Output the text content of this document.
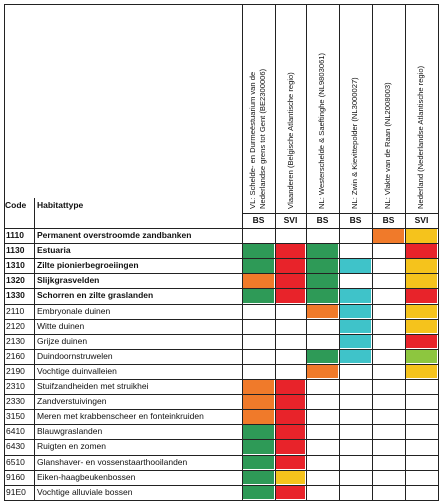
Code Habitattype	VL: Schelde- en Durmeëstuarium van de Nederlandse grens tot Gent (BE2300006)
BS
Vlaanderen (Belgische Atlantische regio)
SVI
NL: Westerschelde & Saeftinghe (NL9803061)
BS
NL: Zwin & Kievittepolder (NL3000027)
BS
NL: Vlakte van de Raan (NL2008003)
BS
Nederland (Nederlandse Atlantische regio)
SVI
1110 Permanent overstroomde zandbanken
1130 Estuaria
1310 Zilte pionierbegroeiingen
1320 Slijkgrasvelden
1330 Schorren en zilte graslanden
2110 Embryonale duinen
2120 Witte duinen
2130 Grijze duinen
2160 Duindoornstruwelen
2190 Vochtige duinvalleien
2310 Stuifzandheiden met struikhei
2330 Zandverstuivingen
3150 Meren met krabbenscheer en fonteinkruiden
6410 Blauwgraslanden
6430 Ruigten en zomen
6510 Glanshaver- en vossenstaarthooilanden
9160 Eiken-haagbeukenbossen
91E0 Vochtige alluviale bossen
